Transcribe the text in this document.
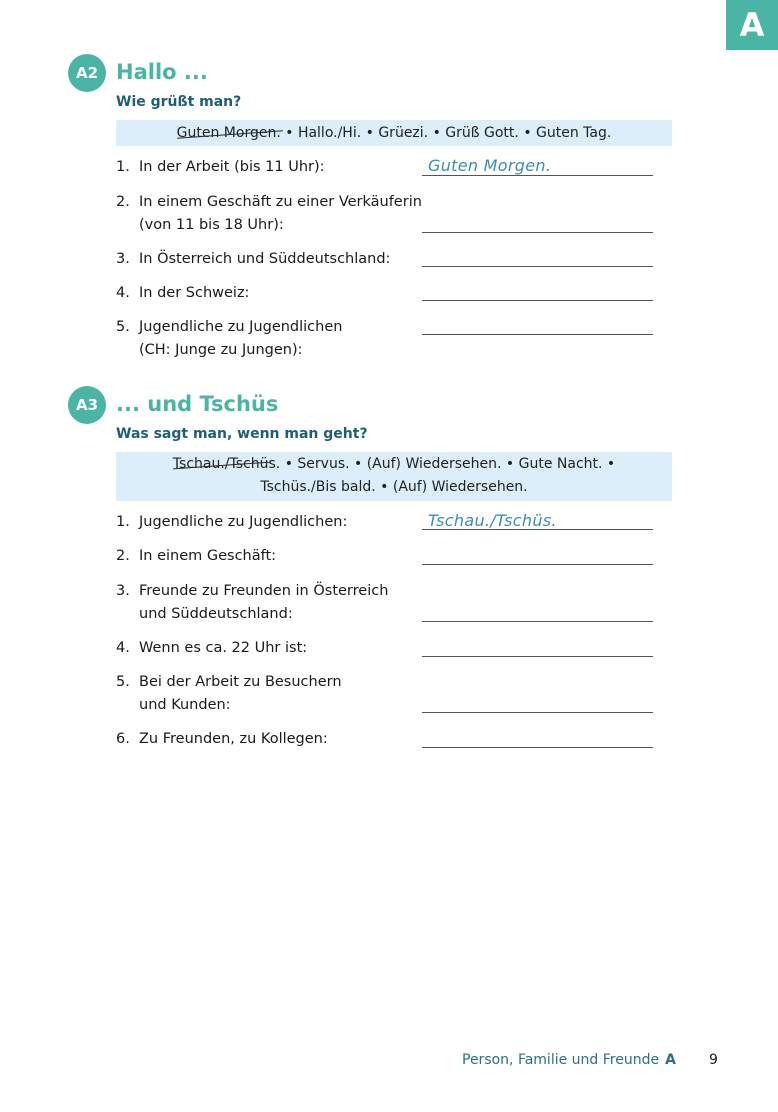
A
A2 Hallo ...
Wie grüßt man?
Guten Morgen. • Hallo./Hi. • Grüezi. • Grüß Gott. • Guten Tag.
1. In der Arbeit (bis 11 Uhr):	Guten Morgen.
2. In einem Geschäft zu einer Verkäuferin
(von 11 bis 18 Uhr):
3. In Österreich und Süddeutschland:
4. In der Schweiz:
5. Jugendliche zu Jugendlichen
(CH: Junge zu Jungen):
A3 ... und Tschüs
Was sagt man, wenn man geht?
Tschau./Tschüs. • Servus. • (Auf) Wiedersehen. • Gute Nacht. •
Tschüs./Bis bald. • (Auf) Wiedersehen.
1. Jugendliche zu Jugendlichen:	Tschau./Tschüs.
2. In einem Geschäft:
3. Freunde zu Freunden in Österreich
und Süddeutschland:
4. Wenn es ca. 22 Uhr ist:
5. Bei der Arbeit zu Besuchern
und Kunden:
6. Zu Freunden, zu Kollegen:
Person, Familie und Freunde A 9
